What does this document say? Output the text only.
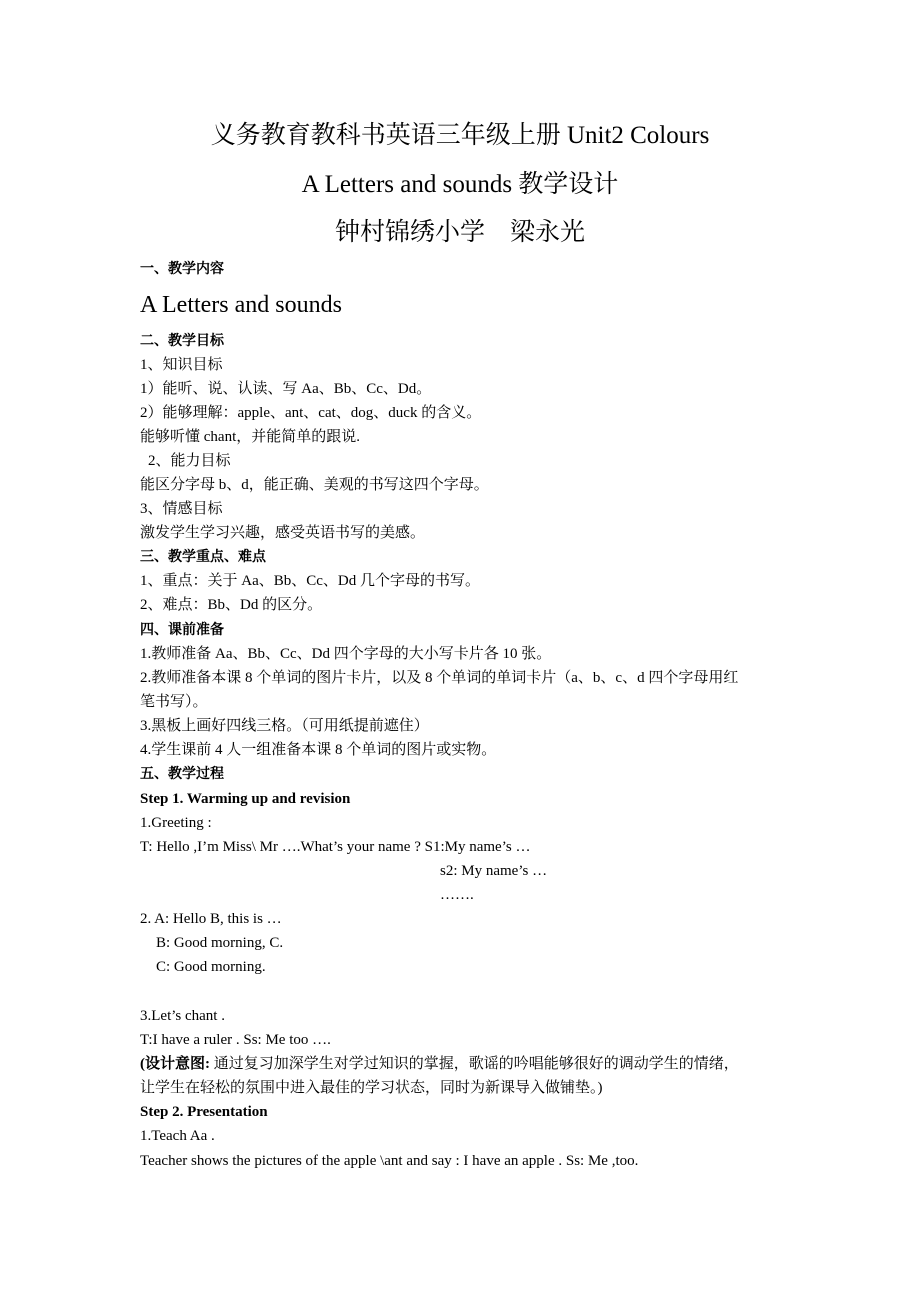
义务教育教科书英语三年级上册 Unit2 Colours
A Letters and sounds 教学设计
钟村锦绣小学　梁永光
一、教学内容
A Letters and sounds
二、教学目标
1、知识目标
1）能听、说、认读、写 Aa、Bb、Cc、Dd。
2）能够理解：apple、ant、cat、dog、duck 的含义。
能够听懂 chant，并能简单的跟说.
2、能力目标
能区分字母 b、d，能正确、美观的书写这四个字母。
3、情感目标
激发学生学习兴趣，感受英语书写的美感。
三、教学重点、难点
1、重点：关于 Aa、Bb、Cc、Dd 几个字母的书写。
2、难点：Bb、Dd 的区分。
四、课前准备
1.教师准备 Aa、Bb、Cc、Dd 四个字母的大小写卡片各 10 张。
2.教师准备本课 8 个单词的图片卡片，以及 8 个单词的单词卡片（a、b、c、d 四个字母用红
笔书写）。
3.黑板上画好四线三格。（可用纸提前遮住）
4.学生课前 4 人一组准备本课 8 个单词的图片或实物。
五、教学过程
Step 1. Warming up and revision
1.Greeting :
T: Hello ,I’m Miss\ Mr ….What’s your name ? S1:My name’s …
s2: My name’s …
…….
2. A: Hello B, this is …
B: Good morning, C.
C: Good morning.
3.Let’s chant .
T:I have a ruler . Ss: Me too ….
(设计意图: 通过复习加深学生对学过知识的掌握，歌谣的吟唱能够很好的调动学生的情绪，
让学生在轻松的氛围中进入最佳的学习状态，同时为新课导入做铺垫。)
Step 2. Presentation
1.Teach Aa .
Teacher shows the pictures of the apple \ant and say : I have an apple . Ss: Me ,too.
